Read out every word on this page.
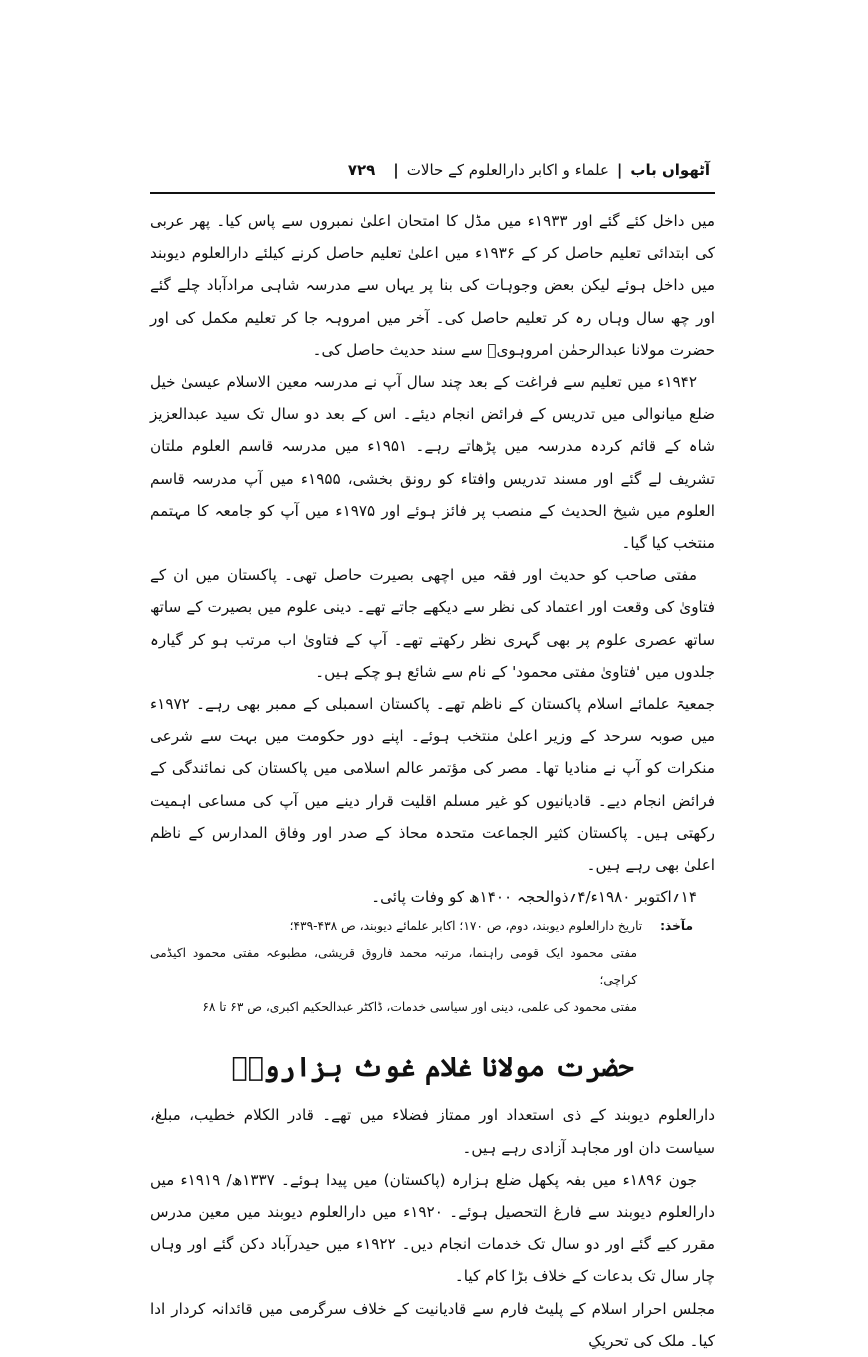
آٹھواں باب
|
علماء و اکابر دارالعلوم کے حالات
|
۷۲۹

میں داخل کئے گئے اور ۱۹۳۳ء میں مڈل کا امتحان اعلیٰ نمبروں سے پاس کیا۔ پھر عربی کی ابتدائی تعلیم حاصل کر کے ۱۹۳۶ء میں اعلیٰ تعلیم حاصل کرنے کیلئے دارالعلوم دیوبند میں داخل ہوئے لیکن بعض وجوہات کی بنا پر یہاں سے مدرسہ شاہی مرادآباد چلے گئے اور چھ سال وہاں رہ کر تعلیم حاصل کی۔ آخر میں امروہہ جا کر تعلیم مکمل کی اور حضرت مولانا عبدالرحمٰن امروہویؒ سے سند حدیث حاصل کی۔

۱۹۴۲ء میں تعلیم سے فراغت کے بعد چند سال آپ نے مدرسہ معین الاسلام عیسیٰ خیل ضلع میانوالی میں تدریس کے فرائض انجام دیئے۔ اس کے بعد دو سال تک سید عبدالعزیز شاہ کے قائم کردہ مدرسہ میں پڑھاتے رہے۔ ۱۹۵۱ء میں مدرسہ قاسم العلوم ملتان تشریف لے گئے اور مسند تدریس وافتاء کو رونق بخشی، ۱۹۵۵ء میں آپ مدرسہ قاسم العلوم میں شیخ الحدیث کے منصب پر فائز ہوئے اور ۱۹۷۵ء میں آپ کو جامعہ کا مہتمم منتخب کیا گیا۔

مفتی صاحب کو حدیث اور فقہ میں اچھی بصیرت حاصل تھی۔ پاکستان میں ان کے فتاویٰ کی وقعت اور اعتماد کی نظر سے دیکھے جاتے تھے۔ دینی علوم میں بصیرت کے ساتھ ساتھ عصری علوم پر بھی گہری نظر رکھتے تھے۔ آپ کے فتاویٰ اب مرتب ہو کر گیارہ جلدوں میں 'فتاویٰ مفتی محمود' کے نام سے شائع ہو چکے ہیں۔

جمعیۃ علمائے اسلام پاکستان کے ناظم تھے۔ پاکستان اسمبلی کے ممبر بھی رہے۔ ۱۹۷۲ء میں صوبہ سرحد کے وزیر اعلیٰ منتخب ہوئے۔ اپنے دور حکومت میں بہت سے شرعی منکرات کو آپ نے منادیا تھا۔ مصر کی مؤتمر عالم اسلامی میں پاکستان کی نمائندگی کے فرائض انجام دیے۔ قادیانیوں کو غیر مسلم اقلیت قرار دینے میں آپ کی مساعی اہمیت رکھتی ہیں۔ پاکستان کثیر الجماعت متحدہ محاذ کے صدر اور وفاق المدارس کے ناظم اعلیٰ بھی رہے ہیں۔

۱۴؍اکتوبر ۱۹۸۰ء/۴؍ذوالحجہ ۱۴۰۰ھ کو وفات پائی۔

مآخذ:تاریخ دارالعلوم دیوبند، دوم، ص ۱۷۰؛ اکابر علمائے دیوبند، ص ۴۳۸-۴۳۹؛
مفتی محمود ایک قومی راہنما، مرتبہ محمد فاروق قریشی، مطبوعہ مفتی محمود اکیڈمی کراچی؛
مفتی محمود کی علمی، دینی اور سیاسی خدمات، ڈاکٹر عبدالحکیم اکبری، ص ۶۳ تا ۶۸
حضرت مولانا غلام غوث ہزارویؒ

دارالعلوم دیوبند کے ذی استعداد اور ممتاز فضلاء میں تھے۔ قادر الکلام خطیب، مبلغ، سیاست دان اور مجاہد آزادی رہے ہیں۔

جون ۱۸۹۶ء میں بفہ پکھل ضلع ہزارہ (پاکستان) میں پیدا ہوئے۔ ۱۳۳۷ھ/ ۱۹۱۹ء میں دارالعلوم دیوبند سے فارغ التحصیل ہوئے۔ ۱۹۲۰ء میں دارالعلوم دیوبند میں معین مدرس مقرر کیے گئے اور دو سال تک خدمات انجام دیں۔ ۱۹۲۲ء میں حیدرآباد دکن گئے اور وہاں چار سال تک بدعات کے خلاف بڑا کام کیا۔

مجلس احرار اسلام کے پلیٹ فارم سے قادیانیت کے خلاف سرگرمی میں قائدانہ کردار ادا کیا۔ ملک کی تحریکِ
